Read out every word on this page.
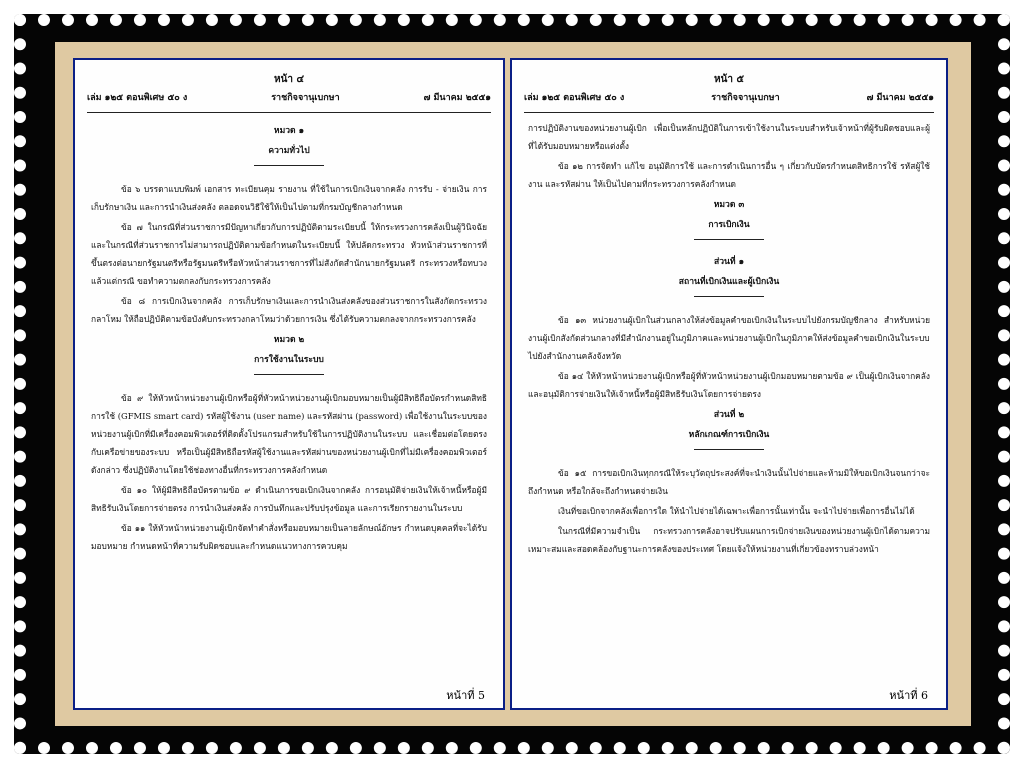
หน้า ๔
เล่ม ๑๒๕ ตอนพิเศษ ๕๐ ง	ราชกิจจานุเบกษา	๗ มีนาคม ๒๕๕๑
หมวด ๑
ความทั่วไป

ข้อ ๖ บรรดาแบบพิมพ์ เอกสาร ทะเบียนคุม รายงาน ที่ใช้ในการเบิกเงินจากคลัง การรับ - จ่ายเงิน การเก็บรักษาเงิน และการนำเงินส่งคลัง ตลอดจนวิธีใช้ให้เป็นไปตามที่กรมบัญชีกลางกำหนด

ข้อ ๗ ในกรณีที่ส่วนราชการมีปัญหาเกี่ยวกับการปฏิบัติตามระเบียบนี้ ให้กระทรวงการคลังเป็นผู้วินิจฉัย และในกรณีที่ส่วนราชการไม่สามารถปฏิบัติตามข้อกำหนดในระเบียบนี้ ให้ปลัดกระทรวง หัวหน้าส่วนราชการที่ขึ้นตรงต่อนายกรัฐมนตรีหรือรัฐมนตรีหรือหัวหน้าส่วนราชการที่ไม่สังกัดสำนักนายกรัฐมนตรี กระทรวงหรือทบวง แล้วแต่กรณี ขอทำความตกลงกับกระทรวงการคลัง

ข้อ ๘ การเบิกเงินจากคลัง การเก็บรักษาเงินและการนำเงินส่งคลังของส่วนราชการในสังกัดกระทรวงกลาโหม ให้ถือปฏิบัติตามข้อบังคับกระทรวงกลาโหมว่าด้วยการเงิน ซึ่งได้รับความตกลงจากกระทรวงการคลัง

หมวด ๒
การใช้งานในระบบ

ข้อ ๙ ให้หัวหน้าหน่วยงานผู้เบิกหรือผู้ที่หัวหน้าหน่วยงานผู้เบิกมอบหมายเป็นผู้มีสิทธิถือบัตรกำหนดสิทธิการใช้ (GFMIS smart card) รหัสผู้ใช้งาน (user name) และรหัสผ่าน (password) เพื่อใช้งานในระบบของหน่วยงานผู้เบิกที่มีเครื่องคอมพิวเตอร์ที่ติดตั้งโปรแกรมสำหรับใช้ในการปฏิบัติงานในระบบ และเชื่อมต่อโดยตรงกับเครือข่ายของระบบ หรือเป็นผู้มีสิทธิถือรหัสผู้ใช้งานและรหัสผ่านของหน่วยงานผู้เบิกที่ไม่มีเครื่องคอมพิวเตอร์ดังกล่าว ซึ่งปฏิบัติงานโดยใช้ช่องทางอื่นที่กระทรวงการคลังกำหนด

ข้อ ๑๐ ให้ผู้มีสิทธิถือบัตรตามข้อ ๙ ดำเนินการขอเบิกเงินจากคลัง การอนุมัติจ่ายเงินให้เจ้าหนี้หรือผู้มีสิทธิรับเงินโดยการจ่ายตรง การนำเงินส่งคลัง การบันทึกและปรับปรุงข้อมูล และการเรียกรายงานในระบบ

ข้อ ๑๑ ให้หัวหน้าหน่วยงานผู้เบิกจัดทำคำสั่งหรือมอบหมายเป็นลายลักษณ์อักษร กำหนดบุคคลที่จะได้รับมอบหมาย กำหนดหน้าที่ความรับผิดชอบและกำหนดแนวทางการควบคุม

หน้าที่ 5
หน้า ๕
เล่ม ๑๒๕ ตอนพิเศษ ๕๐ ง	ราชกิจจานุเบกษา	๗ มีนาคม ๒๕๕๑

การปฏิบัติงานของหน่วยงานผู้เบิก เพื่อเป็นหลักปฏิบัติในการเข้าใช้งานในระบบสำหรับเจ้าหน้าที่ผู้รับผิดชอบและผู้ที่ได้รับมอบหมายหรือแต่งตั้ง

ข้อ ๑๒ การจัดทำ แก้ไข อนุมัติการใช้ และการดำเนินการอื่น ๆ เกี่ยวกับบัตรกำหนดสิทธิการใช้ รหัสผู้ใช้งาน และรหัสผ่าน ให้เป็นไปตามที่กระทรวงการคลังกำหนด

หมวด ๓
การเบิกเงิน
ส่วนที่ ๑
สถานที่เบิกเงินและผู้เบิกเงิน

ข้อ ๑๓ หน่วยงานผู้เบิกในส่วนกลางให้ส่งข้อมูลคำขอเบิกเงินในระบบไปยังกรมบัญชีกลาง สำหรับหน่วยงานผู้เบิกสังกัดส่วนกลางที่มีสำนักงานอยู่ในภูมิภาคและหน่วยงานผู้เบิกในภูมิภาคให้ส่งข้อมูลคำขอเบิกเงินในระบบไปยังสำนักงานคลังจังหวัด

ข้อ ๑๔ ให้หัวหน้าหน่วยงานผู้เบิกหรือผู้ที่หัวหน้าหน่วยงานผู้เบิกมอบหมายตามข้อ ๙ เป็นผู้เบิกเงินจากคลัง และอนุมัติการจ่ายเงินให้เจ้าหนี้หรือผู้มีสิทธิรับเงินโดยการจ่ายตรง

ส่วนที่ ๒
หลักเกณฑ์การเบิกเงิน

ข้อ ๑๕ การขอเบิกเงินทุกกรณีให้ระบุวัตถุประสงค์ที่จะนำเงินนั้นไปจ่ายและห้ามมิให้ขอเบิกเงินจนกว่าจะถึงกำหนด หรือใกล้จะถึงกำหนดจ่ายเงิน

เงินที่ขอเบิกจากคลังเพื่อการใด ให้นำไปจ่ายได้เฉพาะเพื่อการนั้นเท่านั้น จะนำไปจ่ายเพื่อการอื่นไม่ได้

ในกรณีที่มีความจำเป็น กระทรวงการคลังอาจปรับแผนการเบิกจ่ายเงินของหน่วยงานผู้เบิกได้ตามความเหมาะสมและสอดคล้องกับฐานะการคลังของประเทศ โดยแจ้งให้หน่วยงานที่เกี่ยวข้องทราบล่วงหน้า

หน้าที่ 6
